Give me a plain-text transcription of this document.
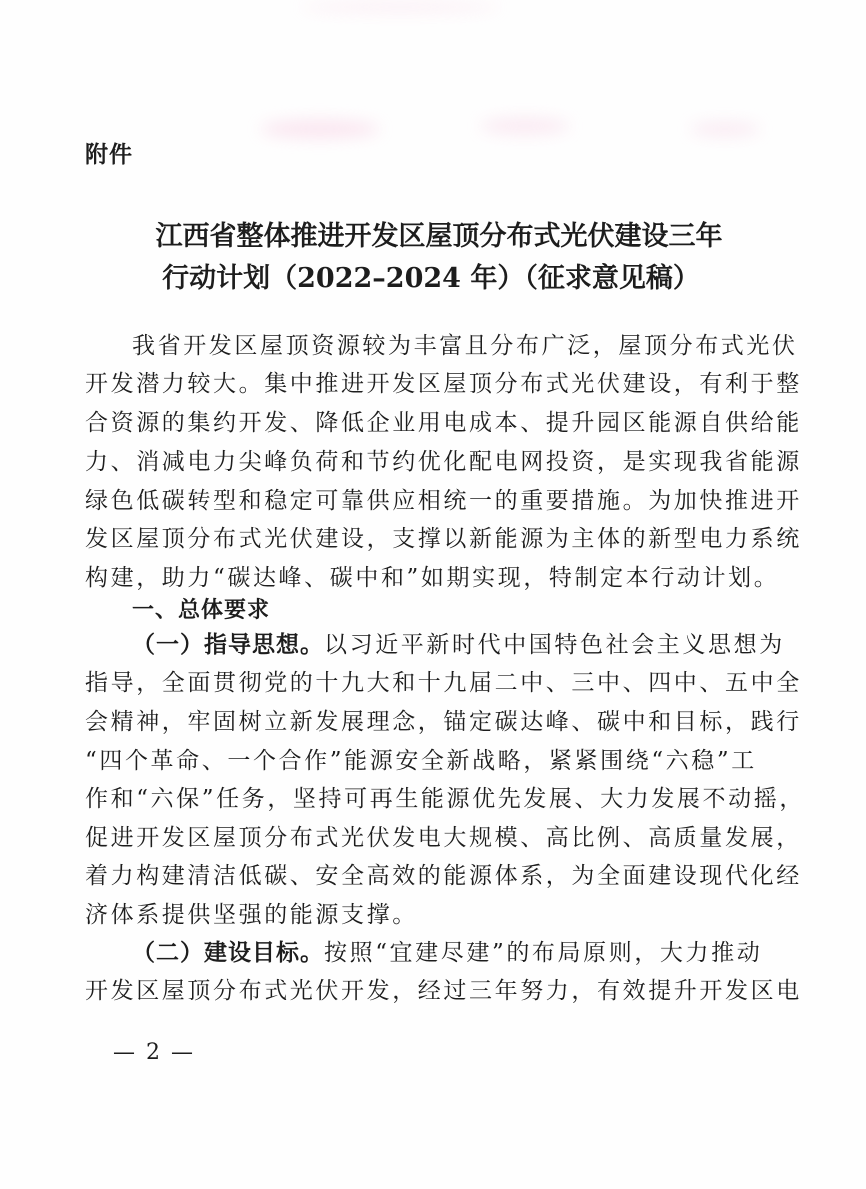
附件
江西省整体推进开发区屋顶分布式光伏建设三年
行动计划（2022–2024 年）（征求意见稿）
我省开发区屋顶资源较为丰富且分布广泛，屋顶分布式光伏
开发潜力较大。集中推进开发区屋顶分布式光伏建设，有利于整
合资源的集约开发、降低企业用电成本、提升园区能源自供给能
力、消减电力尖峰负荷和节约优化配电网投资，是实现我省能源
绿色低碳转型和稳定可靠供应相统一的重要措施。为加快推进开
发区屋顶分布式光伏建设，支撑以新能源为主体的新型电力系统
构建，助力“碳达峰、碳中和”如期实现，特制定本行动计划。
一、总体要求
（一）指导思想。以习近平新时代中国特色社会主义思想为
指导，全面贯彻党的十九大和十九届二中、三中、四中、五中全
会精神，牢固树立新发展理念，锚定碳达峰、碳中和目标，践行
“四个革命、一个合作”能源安全新战略，紧紧围绕“六稳”工
作和“六保”任务，坚持可再生能源优先发展、大力发展不动摇，
促进开发区屋顶分布式光伏发电大规模、高比例、高质量发展，
着力构建清洁低碳、安全高效的能源体系，为全面建设现代化经
济体系提供坚强的能源支撑。
（二）建设目标。按照“宜建尽建”的布局原则，大力推动
开发区屋顶分布式光伏开发，经过三年努力，有效提升开发区电
— 2 —
